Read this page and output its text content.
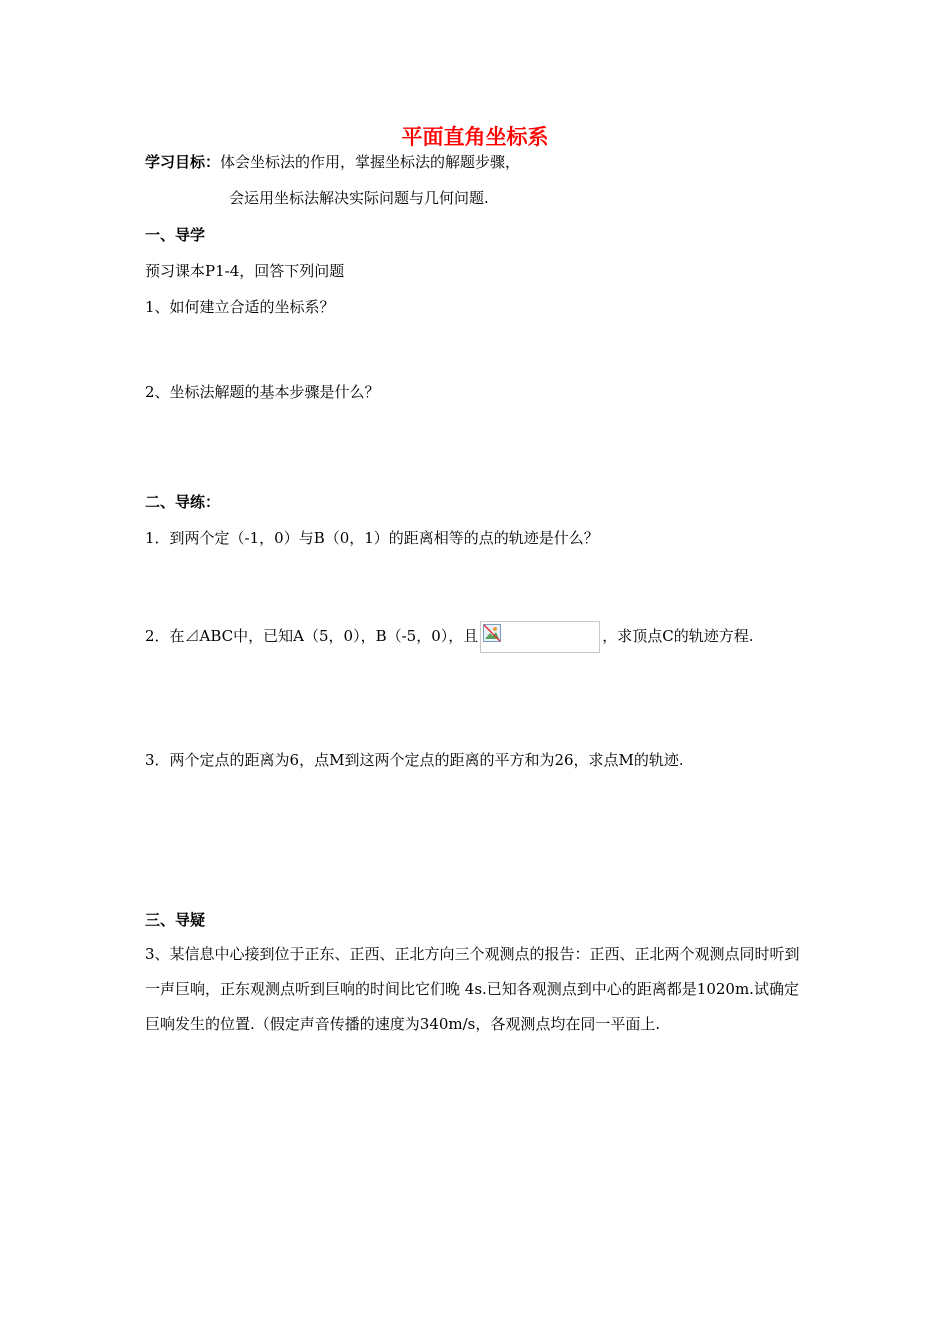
平面直角坐标系
学习目标：体会坐标法的作用，掌握坐标法的解题步骤，
会运用坐标法解决实际问题与几何问题.
一、导学
预习课本P1-4，回答下列问题
1、如何建立合适的坐标系？
2、坐标法解题的基本步骤是什么？
二、导练：
1．到两个定（-1，0）与B（0，1）的距离相等的点的轨迹是什么？
2．在⊿ABC中，已知A（5，0），B（-5，0），且	，求顶点C的轨迹方程.
3．两个定点的距离为6，点M到这两个定点的距离的平方和为26，求点M的轨迹.
三、导疑
3、某信息中心接到位于正东、正西、正北方向三个观测点的报告：正西、正北两个观测点同时听到一声巨响，正东观测点听到巨响的时间比它们晚 4s.已知各观测点到中心的距离都是1020m.试确定巨响发生的位置.（假定声音传播的速度为340m/s，各观测点均在同一平面上.
